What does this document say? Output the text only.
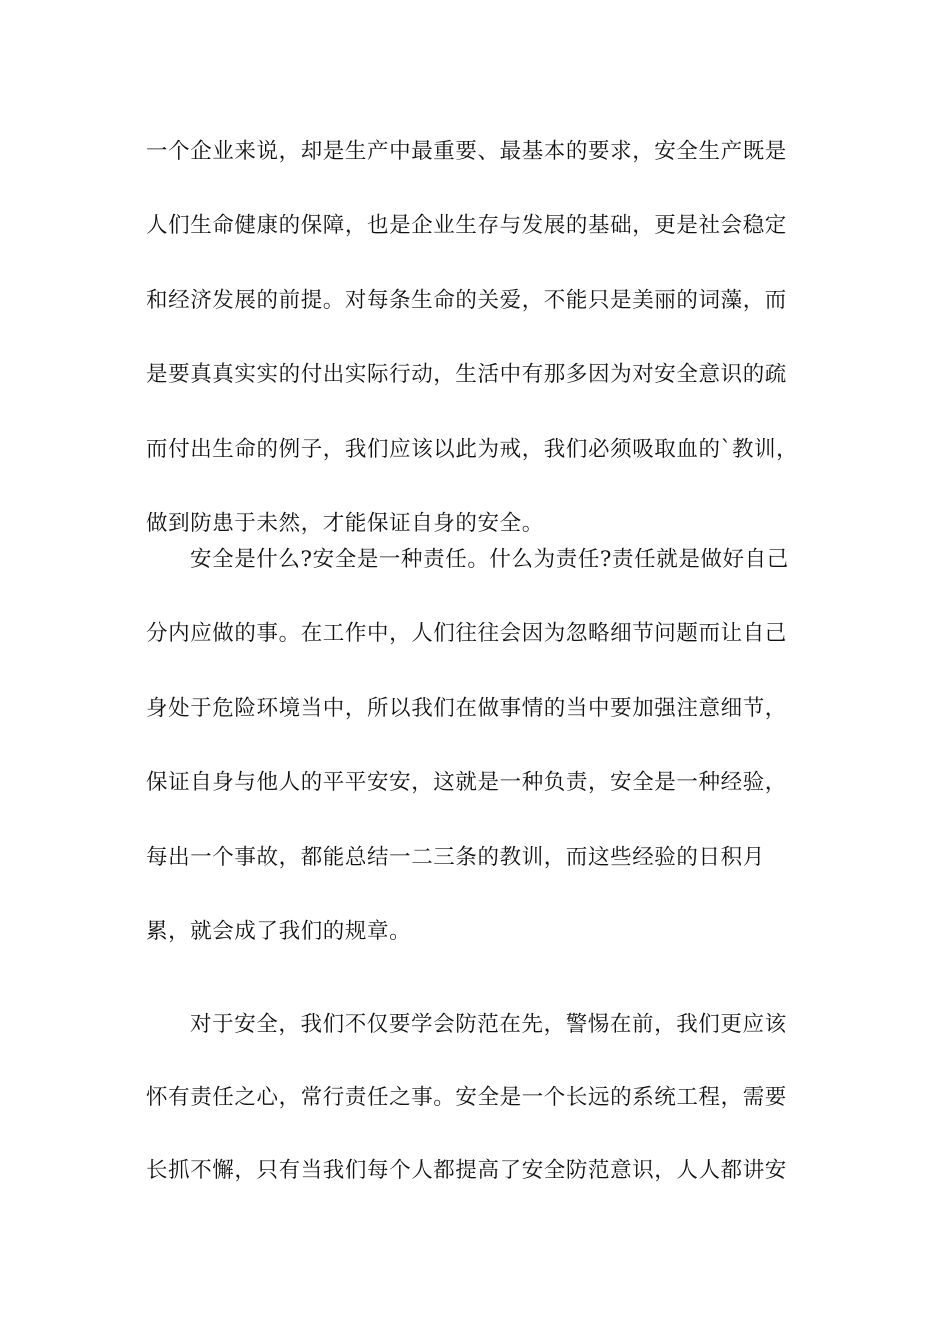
一个企业来说，却是生产中最重要、最基本的要求，安全生产既是
人们生命健康的保障，也是企业生存与发展的基础，更是社会稳定
和经济发展的前提。对每条生命的关爱，不能只是美丽的词藻，而
是要真真实实的付出实际行动，生活中有那多因为对安全意识的疏
而付出生命的例子，我们应该以此为戒，我们必须吸取血的`教训，
做到防患于未然，才能保证自身的安全。
安全是什么?安全是一种责任。什么为责任?责任就是做好自己
分内应做的事。在工作中，人们往往会因为忽略细节问题而让自己
身处于危险环境当中，所以我们在做事情的当中要加强注意细节，
保证自身与他人的平平安安，这就是一种负责，安全是一种经验，
每出一个事故，都能总结一二三条的教训，而这些经验的日积月
累，就会成了我们的规章。
对于安全，我们不仅要学会防范在先，警惕在前，我们更应该
怀有责任之心，常行责任之事。安全是一个长远的系统工程，需要
长抓不懈，只有当我们每个人都提高了安全防范意识，人人都讲安
